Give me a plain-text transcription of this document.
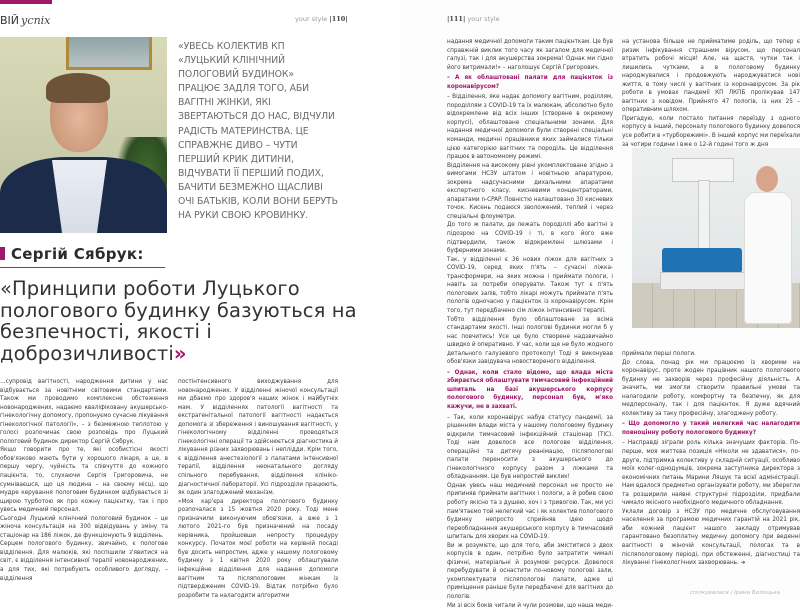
ВІЙ успіх	your style |110|
«УВЕСЬ КОЛЕКТИВ КП «ЛУЦЬКИЙ КЛІНІЧНИЙ ПОЛОГОВИЙ БУДИНОК» ПРАЦЮЄ ЗАДЛЯ ТОГО, АБИ ВАГІТНІ ЖІНКИ, ЯКІ ЗВЕРТАЮТЬСЯ ДО НАС, ВІДЧУЛИ РАДІСТЬ МАТЕРИНСТВА. ЦЕ СПРАВЖНЄ ДИВО – ЧУТИ ПЕРШИЙ КРИК ДИТИНИ, ВІДЧУВАТИ ЇЇ ПЕРШИЙ ПОДИХ, БАЧИТИ БЕЗМЕЖНО ЩАСЛИВІ ОЧІ БАТЬКІВ, КОЛИ ВОНИ БЕРУТЬ НА РУКИ СВОЮ КРОВИНКУ.
Сергій Сябрук:
«Принципи роботи Луцького пологового будинку базуються на безпечності, якості і доброзичливості»

…супровід вагітності, народження дитини у нас відбувається за новітніми світовими стандартами. Також ми проводимо комплексне обстеження новонароджених, надаємо кваліфіковану акушерсько-гінекологічну допомогу, пропонуємо сучасне лікування гінекологічної патології», – з безмежною теплотою у голосі розпочинає свою розповідь про Луцький пологовий будинок директор Сергій Сябрук.

Якщо говорити про те, які особистісні якості обов'язково мають бути у хорошого лікаря, а це, в першу чергу, чуйність та співчуття до кожного пацієнта, то, слухаючи Сергія Григоровича, не сумніваєшся, що ця людина – на своєму місці, що мудре керування пологовим будинком відбувається зі щирою турботою як про кожну пацієнтку, так і про увесь медичний персонал.

Сьогодні Луцький клінічний пологовий будинок – це жіноча консультація на 300 відвідувань у зміну та стаціонар на 186 ліжок, де функціонують 9 відділень.

Серцем пологового будинку, звичайно, є пологове відділення. Для малюків, які поспішили з'явитися на світ, є відділення інтенсивної терапії новонароджених, а для тих, які потребують особливого догляду, – відділення

постінтенсивного виходжування для новонароджених. У відділенні жіночої консультації ми дбаємо про здоров'я наших жінок і майбутніх мам. У відділеннях патології вагітності та екстрагенітальної патології вагітності надається допомога зі збереження і виношування вагітності, у гінекологічному відділенні проводяться гінекологічні операції та здійснюється діагностика й лікування різних захворювань і неплідди. Крім того, є відділення анестезіології з палатами інтенсивної терапії, відділення неонатального догляду спільного перебування, відділення клініко-діагностичної лабораторії. Усі підрозділи працюють, як один злагоджений механізм.

«Моя кар'єра директора пологового будинку розпочалася з 15 жовтня 2020 року. Тоді мене призначили виконуючим обов'язки, а вже з 1 лютого 2021-го був призначений на посаду керівника, пройшовши непросту процедуру конкурсу. Початок моєї роботи на керівній посаді був досить непростим, адже у нашому пологовому будинку з 1 квітня 2020 року облаштували інфекційне відділення для надання допомоги вагітним та післяпологовим жінкам із підтвердженим COVID-19. Відтак потрібно було розробити та налагодити алгоритми

|111| your style

надання медичної допомоги таким пацієнткам. Це був справжній виклик того часу як загалом для медичної галузі, так і для акушерства зокрема! Однак ми гідно його витримали!» – наголошує Сергій Григорович.

– А як облаштовані палати для пацієнток із коронавірусом?

– Відділення, яке надає допомогу вагітним, роділлям, породіллям з COVID-19 та їх малюкам, абсолютно було відокремлене від всіх інших (створене в окремому корпусі), облаштоване спеціальними зонами. Для надання медичної допомоги були створені спеціальні команди, медичні працівники яких займалися тільки цією категорією вагітних та породіль. Це відділення працює в автономному режимі.

Відділення на високому рівні укомплектоване згідно з вимогами НСЗУ штатом і новітньою апаратурою, зокрема надсучасними дихальними апаратами експертного класу, кисневими концентраторами, апаратами n-CPAP. Повністю налаштовано 30 кисневих точок. Кисень подаюся зволожений, теплий і через спеціальні флоуметри.

До того ж палати, де лежать породіллі або вагітні з підозрою на COVID-19 і ті, в кого його вже підтвердили, також відокремлені шлюзами і буферними зонами.

Так, у відділенні є 36 нових ліжок для вагітних з COVID-19, серед яких п'ять – сучасні ліжка-трансформери, на яких можна і приймати пологи, і навіть за потреби оперувати. Також тут є п'ять пологових залів, тобто лікарі можуть приймати п'ять пологів одночасно у пацієнток із коронавірусом. Крім того, тут передбачено сім ліжок інтенсивної терапії.

Тобто відділення було облаштоване за всіма стандартами якості. Інші пологові будинки могли б у нас повчитись! Усе це було створене надзвичайно швидко й оперативно. У час, коли ще не було жодного детального галузевого протоколу! Тоді я виконував обов'язки завідувача новоствореного відділення.

– Однак, коли стало відомо, що влада міста збирається облаштувати тимчасовий інфекційний шпиталь на базі акушерського корпусу пологового будинку, персонал був, м'яко кажучи, не в захваті.

– Так, коли коронавірус набув статусу пандемії, за рішенням влади міста у нашому пологовому будинку відкрили тимчасовий інфекційний стаціонар (ТІС). Тоді нам довелося все пологове відділення, операційні та дитячу реанімацію, післяпологові палати переносити з акушерського до гінекологічного корпусу разом з ліжками та обладнанням. Це був непростий виклик!

Однак увесь наш медичний персонал не просто не припиняв приймати вагітних і пологи, а й робив свою роботу якісно та з душею, хоч і з тривогою. Так, ми усі пам'ятаємо той нелегкий час і як колектив пологового будинку непросто сприйняв ідею щодо переобладнання акушерського корпусу в тимчасовий шпиталь для хворих на COVID-19.

Ви ж розумієте, що для того, аби зміститися з двох корпусів в один, потрібно було затратити чималі фізичні, матеріальні й розумові ресурси. Довелося перебудувати й оснастити по-новому пологові зали, укомплектувати післяпологові палати, адже ці приміщення раніше були передбачені для вагітних до пологів.

Ми зі всіх боків читали й чули розмови, що наша меди-

на установа більше не прийматиме роділь, що тепер є ризик інфікування страшним вірусом, що персонал втратить робочі місця! Але, на щастя, чутки так і лишились чутками, а в пологовому будинку народжувалися і продовжують народжуватися нові життя, в тому числі у вагітних із коронавірусом. За рік роботи в умовах пандемії КП ЛКПБ пролікував 147 вагітних з ковідом. Прийнято 47 пологів, із них 25 – оперативним шляхом.

Пригадую, коли постало питання переїзду з одного корпусу в інший, персоналу пологового будинку довелося усе робити в «турборежимі». В інший корпус ми переїхали за чотири години і вже о 12-й годині того ж дня

приймали перші пологи.

До слова, понад рік ми працюємо із хворими на коронавірус, проте жоден працівник нашого пологового будинку не захворів через професійну діяльність. А значить, ми змогли створити правильні умови та налагодили роботу, комфортну та безпечну, як для медперсоналу, так і для пацієнток. Я дуже вдячний колективу за таку професійну, злагоджену роботу.

– Що допомогло у такий нелегкий час налагодити повноцінну роботу пологового будинку?

– Насправді зіграли роль кілька значущих факторів. По-перше, моя життєва позиція «Ніколи не здаватися», по-друге, підтримка колективу у складній ситуації, особливо моїх колег-однодумців, зокрема заступника директора з економічних питань Марини Ляшук та всієї адміністрації. Нам вдалося предметно організувати роботу, ми зберегли та розширили наявні структурні підрозділи, придбали чимало якісного необхідного медичного обладнання.

Уклали договір з НСЗУ про медичне обслуговування населення за програмою медичних гарантій на 2021 рік, аби кожний пацієнт нашого закладу отримував гарантовано безоплатну медичну допомогу при веденні вагітності в жіночій консультації, пологах та в післяпологовому періоді, при обстеженні, діагностиці та лікуванні гінекологічних захворювань. ➔

спілкувалася / Ірина Белоцька
